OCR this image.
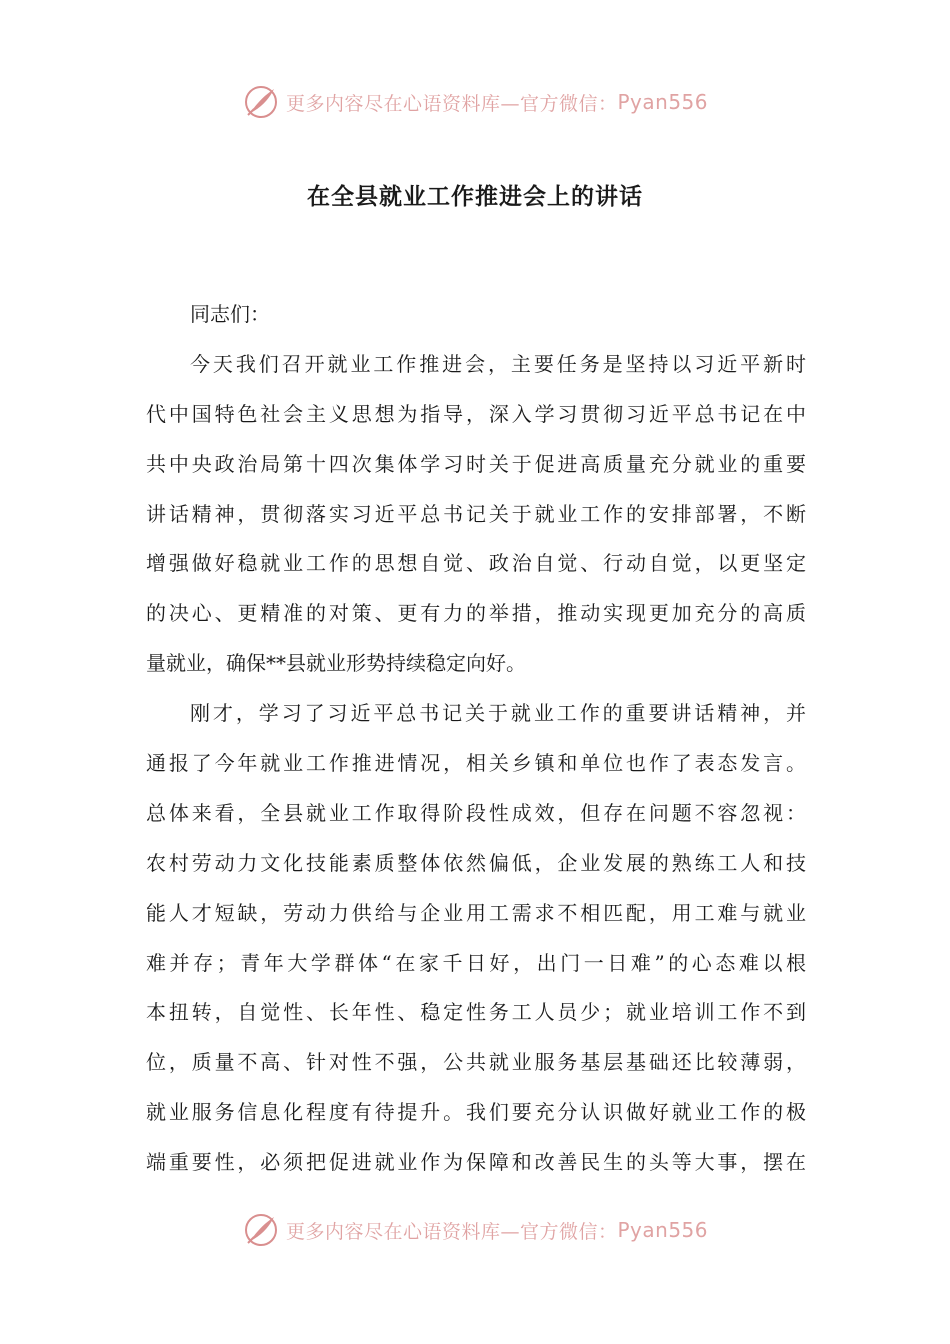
更多内容尽在心语资料库—官方微信： Pyan556
在全县就业工作推进会上的讲话
同志们：
今天我们召开就业工作推进会，主要任务是坚持以习近平新时
代中国特色社会主义思想为指导，深入学习贯彻习近平总书记在中
共中央政治局第十四次集体学习时关于促进高质量充分就业的重要
讲话精神，贯彻落实习近平总书记关于就业工作的安排部署，不断
增强做好稳就业工作的思想自觉、政治自觉、行动自觉，以更坚定
的决心、更精准的对策、更有力的举措，推动实现更加充分的高质
量就业，确保**县就业形势持续稳定向好。
刚才，学习了习近平总书记关于就业工作的重要讲话精神，并
通报了今年就业工作推进情况，相关乡镇和单位也作了表态发言。
总体来看，全县就业工作取得阶段性成效，但存在问题不容忽视：
农村劳动力文化技能素质整体依然偏低，企业发展的熟练工人和技
能人才短缺，劳动力供给与企业用工需求不相匹配，用工难与就业
难并存；青年大学群体“在家千日好，出门一日难”的心态难以根
本扭转，自觉性、长年性、稳定性务工人员少；就业培训工作不到
位，质量不高、针对性不强，公共就业服务基层基础还比较薄弱，
就业服务信息化程度有待提升。我们要充分认识做好就业工作的极
端重要性，必须把促进就业作为保障和改善民生的头等大事，摆在
更多内容尽在心语资料库—官方微信： Pyan556
